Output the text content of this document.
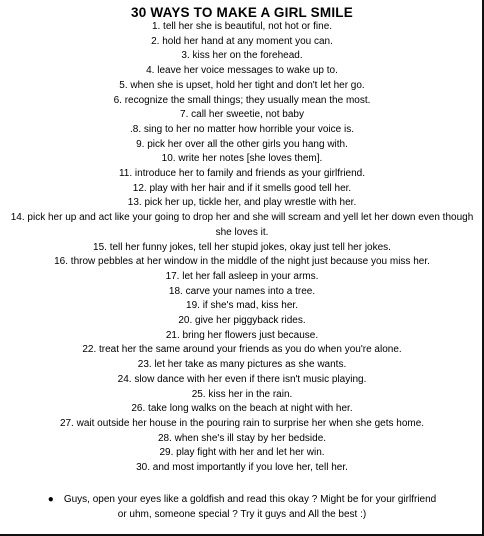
30 WAYS TO MAKE A GIRL SMILE
1. tell her she is beautiful, not hot or fine.
2. hold her hand at any moment you can.
3. kiss her on the forehead.
4. leave her voice messages to wake up to.
5. when she is upset, hold her tight and don't let her go.
6. recognize the small things; they usually mean the most.
7. call her sweetie, not baby
.8. sing to her no matter how horrible your voice is.
9. pick her over all the other girls you hang with.
10. write her notes [she loves them].
11. introduce her to family and friends as your girlfriend.
12. play with her hair and if it smells good tell her.
13. pick her up, tickle her, and play wrestle with her.
14. pick her up and act like your going to drop her and she will scream and yell let her down even though she loves it.
15. tell her funny jokes, tell her stupid jokes, okay just tell her jokes.
16. throw pebbles at her window in the middle of the night just because you miss her.
17. let her fall asleep in your arms.
18. carve your names into a tree.
19. if she's mad, kiss her.
20. give her piggyback rides.
21. bring her flowers just because.
22. treat her the same around your friends as you do when you're alone.
23. let her take as many pictures as she wants.
24. slow dance with her even if there isn't music playing.
25. kiss her in the rain.
26. take long walks on the beach at night with her.
27. wait outside her house in the pouring rain to surprise her when she gets home.
28. when she's ill stay by her bedside.
29. play fight with her and let her win.
30. and most importantly if you love her, tell her.
● Guys, open your eyes like a goldfish and read this okay ? Might be for your girlfriend
or uhm, someone special ? Try it guys and All the best :)
